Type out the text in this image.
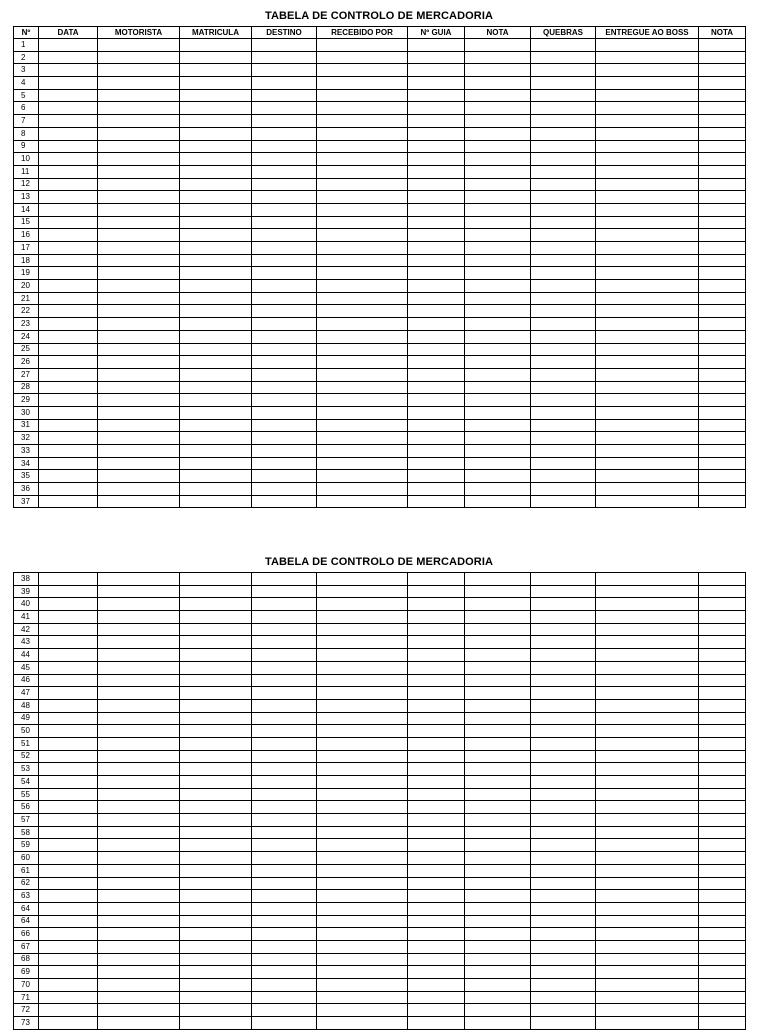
TABELA DE CONTROLO DE MERCADORIA
Nº	DATA	MOTORISTA	MATRICULA	DESTINO	RECEBIDO POR	Nº GUIA	NOTA	QUEBRAS	ENTREGUE AO BOSS	NOTA
1										
2										
3										
4										
5										
6										
7										
8										
9										
10										
11										
12										
13										
14										
15										
16										
17										
18										
19										
20										
21										
22										
23										
24										
25										
26										
27										
28										
29										
30										
31										
32										
33										
34										
35										
36										
37										
TABELA DE CONTROLO DE MERCADORIA
38										
39										
40										
41										
42										
43										
44										
45										
46										
47										
48										
49										
50										
51										
52										
53										
54										
55										
56										
57										
58										
59										
60										
61										
62										
63										
64										
64										
66										
67										
68										
69										
70										
71										
72										
73										
